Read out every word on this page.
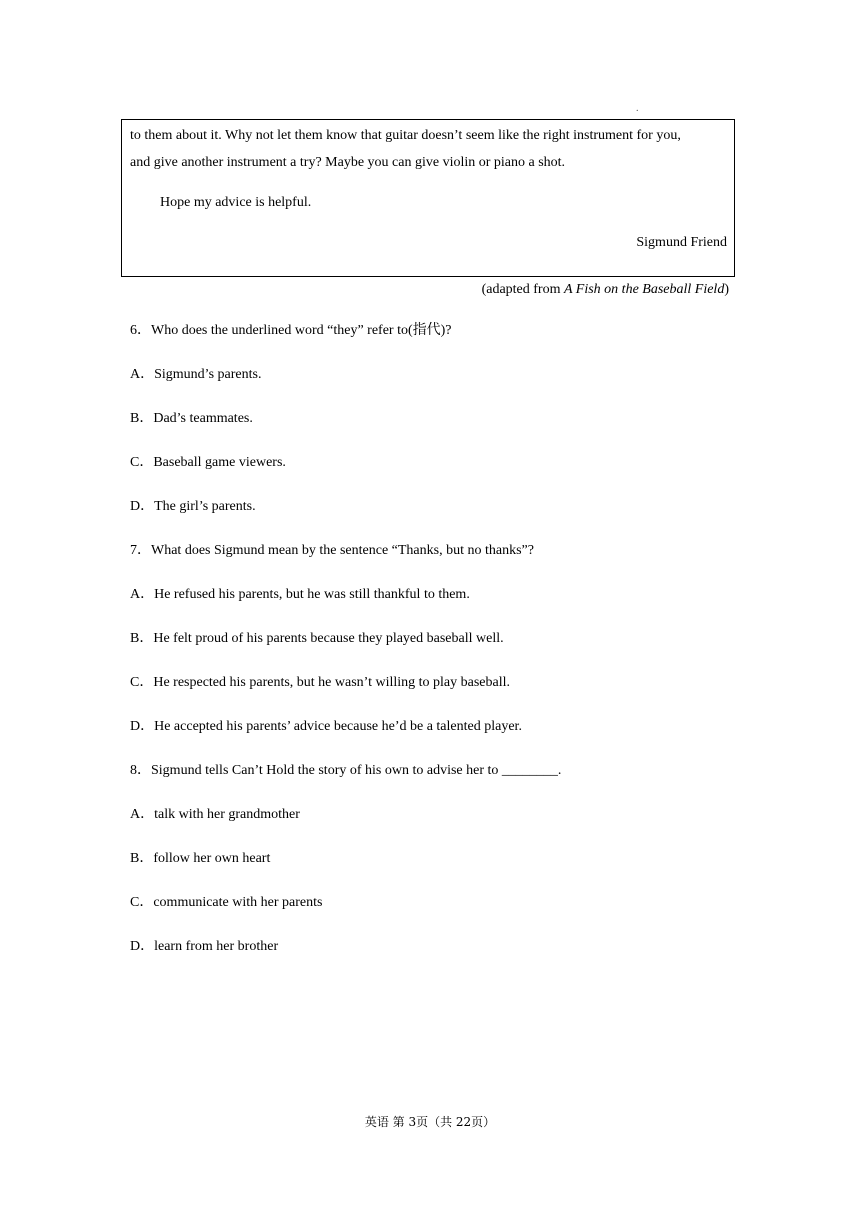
.
to them about it. Why not let them know that guitar doesn’t seem like the right instrument for you,
and give another instrument a try? Maybe you can give violin or piano a shot.
Hope my advice is helpful.
Sigmund Friend
(adapted from A Fish on the Baseball Field)
6．Who does the underlined word “they” refer to(指代)?
A．Sigmund’s parents.
B．Dad’s teammates.
C．Baseball game viewers.
D．The girl’s parents.
7．What does Sigmund mean by the sentence “Thanks, but no thanks”?
A．He refused his parents, but he was still thankful to them.
B．He felt proud of his parents because they played baseball well.
C．He respected his parents, but he wasn’t willing to play baseball.
D．He accepted his parents’ advice because he’d be a talented player.
8．Sigmund tells Can’t Hold the story of his own to advise her to ________.
A．talk with her grandmother
B．follow her own heart
C．communicate with her parents
D．learn from her brother
英语 第 3页（共 22页）
